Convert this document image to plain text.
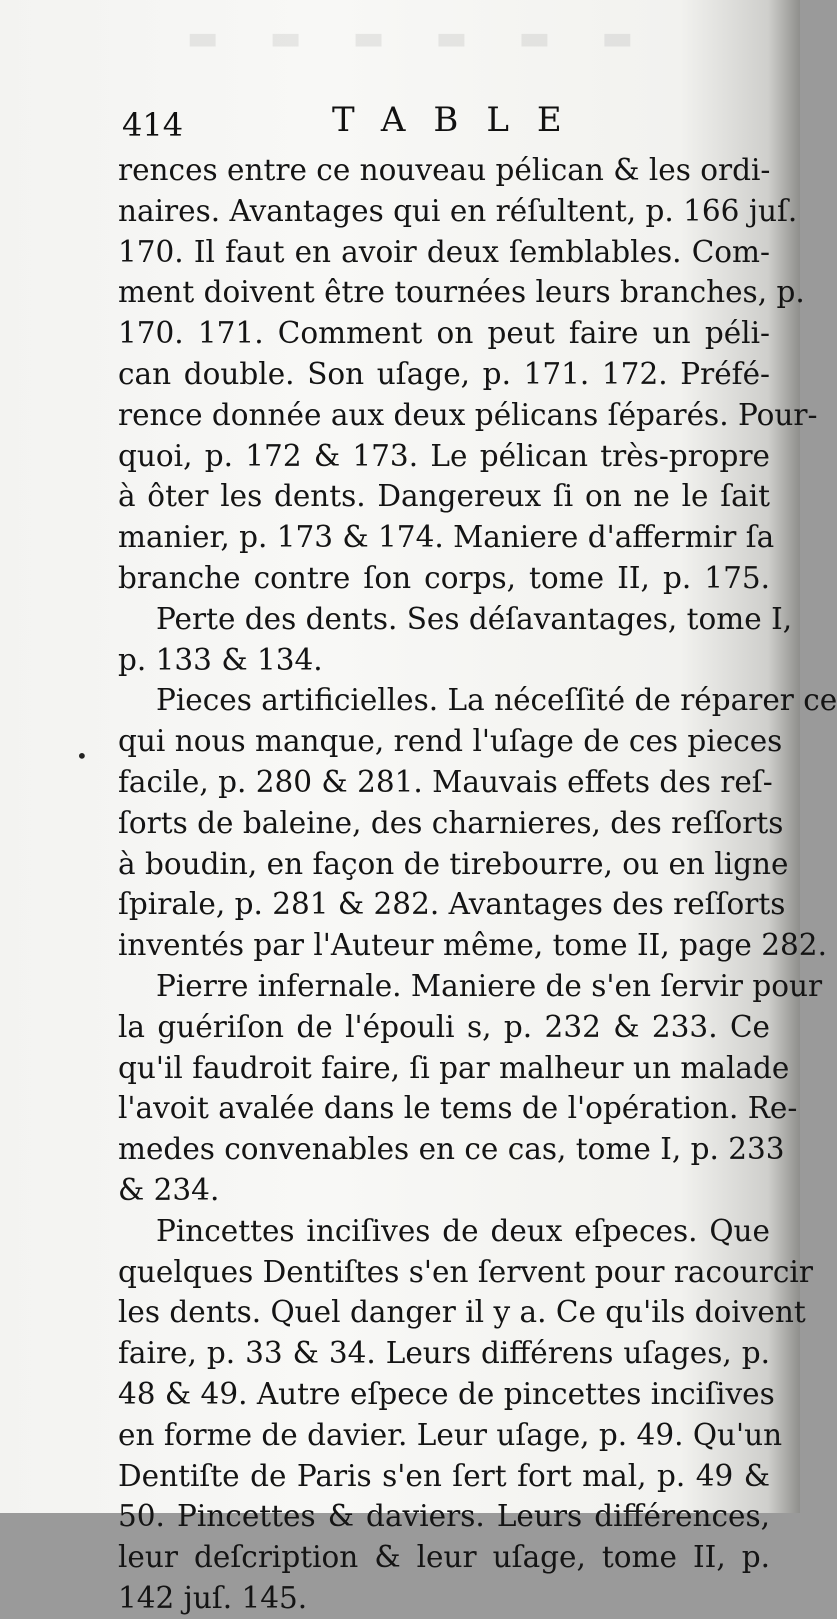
▬ ▬ ▬ ▬ ▬ ▬
414	TABLE
•
rences entre ce nouveau pélican & les ordi-
naires. Avantages qui en réſultent, p. 166 juſ.
170. Il faut en avoir deux ſemblables. Com-
ment doivent être tournées leurs branches, p.
170. 171. Comment on peut faire un péli-
can double. Son uſage, p. 171. 172. Préfé-
rence donnée aux deux pélicans ſéparés. Pour-
quoi, p. 172 & 173. Le pélican très-propre
à ôter les dents. Dangereux ſi on ne le ſait
manier, p. 173 & 174. Maniere d'affermir ſa
branche contre ſon corps, tome II, p. 175.
Perte des dents. Ses déſavantages, tome I,
p. 133 & 134.
Pieces artificielles. La néceſſité de réparer ce
qui nous manque, rend l'uſage de ces pieces
facile, p. 280 & 281. Mauvais effets des reſ-
ſorts de baleine, des charnieres, des reſſorts
à boudin, en façon de tirebourre, ou en ligne
ſpirale, p. 281 & 282. Avantages des reſſorts
inventés par l'Auteur même, tome II, page 282.
Pierre infernale. Maniere de s'en ſervir pour
la guériſon de l'épouli s, p. 232 & 233. Ce
qu'il faudroit faire, ſi par malheur un malade
l'avoit avalée dans le tems de l'opération. Re-
medes convenables en ce cas, tome I, p. 233
& 234.
Pincettes inciſives de deux eſpeces. Que
quelques Dentiſtes s'en ſervent pour racourcir
les dents. Quel danger il y a. Ce qu'ils doivent
faire, p. 33 & 34. Leurs différens uſages, p.
48 & 49. Autre eſpece de pincettes inciſives
en forme de davier. Leur uſage, p. 49. Qu'un
Dentiſte de Paris s'en ſert fort mal, p. 49 &
50. Pincettes & daviers. Leurs différences,
leur deſcription & leur uſage, tome II, p.
142 juſ. 145.
